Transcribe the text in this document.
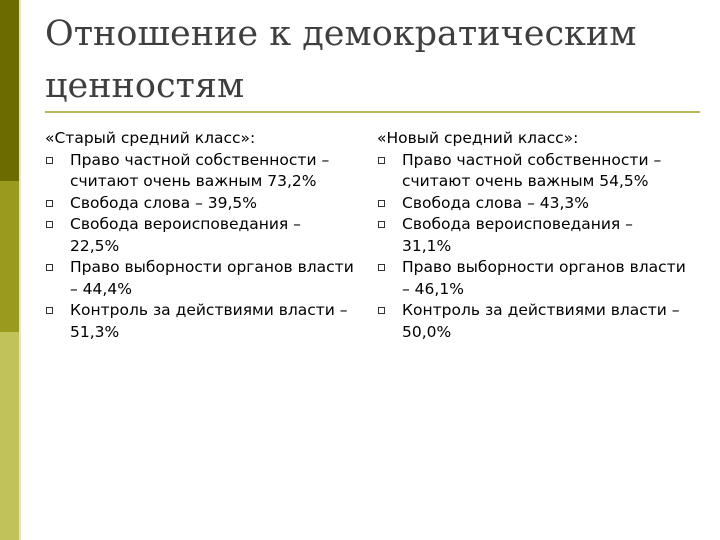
Отношение к демократическим ценностям
«Старый средний класс»:
Право частной собственности – считают очень важным 73,2%
Свобода слова – 39,5%
Свобода вероисповедания – 22,5%
Право выборности органов власти – 44,4%
Контроль за действиями власти – 51,3%
«Новый средний класс»:
Право частной собственности – считают очень важным 54,5%
Свобода слова – 43,3%
Свобода вероисповедания – 31,1%
Право выборности органов власти – 46,1%
Контроль за действиями власти – 50,0%
